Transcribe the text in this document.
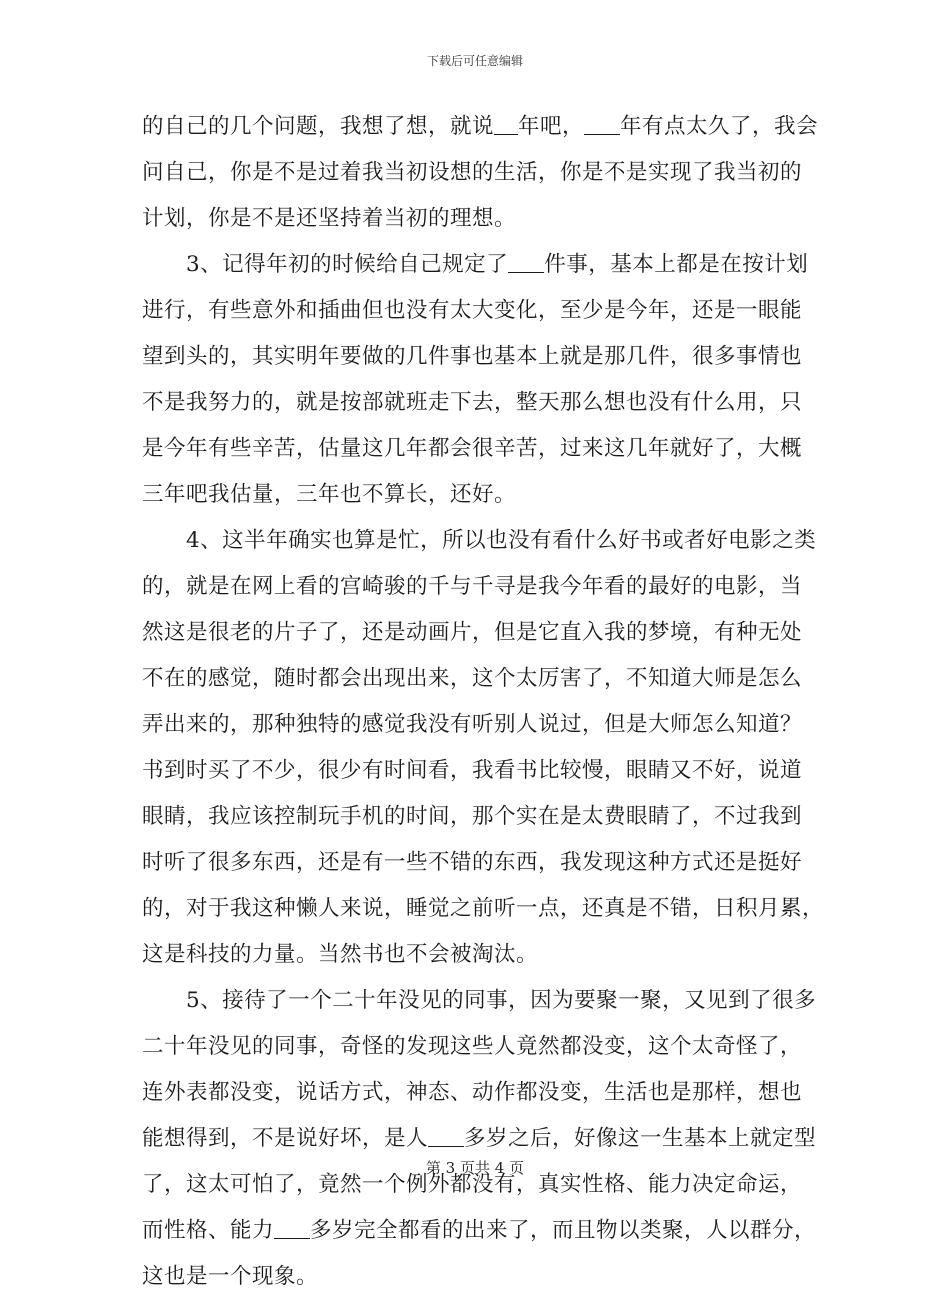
下载后可任意编辑
的自己的几个问题，我想了想，就说 年吧， 年有点太久了，我会
问自己，你是不是过着我当初设想的生活，你是不是实现了我当初的
计划，你是不是还坚持着当初的理想。
3、记得年初的时候给自己规定了 件事，基本上都是在按计划
进行，有些意外和插曲但也没有太大变化，至少是今年，还是一眼能
望到头的，其实明年要做的几件事也基本上就是那几件，很多事情也
不是我努力的，就是按部就班走下去，整天那么想也没有什么用，只
是今年有些辛苦，估量这几年都会很辛苦，过来这几年就好了，大概
三年吧我估量，三年也不算长，还好。
4、这半年确实也算是忙，所以也没有看什么好书或者好电影之类
的，就是在网上看的宫崎骏的千与千寻是我今年看的最好的电影，当
然这是很老的片子了，还是动画片，但是它直入我的梦境，有种无处
不在的感觉，随时都会出现出来，这个太厉害了，不知道大师是怎么
弄出来的，那种独特的感觉我没有听别人说过，但是大师怎么知道？
书到时买了不少，很少有时间看，我看书比较慢，眼睛又不好，说道
眼睛，我应该控制玩手机的时间，那个实在是太费眼睛了，不过我到
时听了很多东西，还是有一些不错的东西，我发现这种方式还是挺好
的，对于我这种懒人来说，睡觉之前听一点，还真是不错，日积月累，
这是科技的力量。当然书也不会被淘汰。
5、接待了一个二十年没见的同事，因为要聚一聚，又见到了很多
二十年没见的同事，奇怪的发现这些人竟然都没变，这个太奇怪了，
连外表都没变，说话方式，神态、动作都没变，生活也是那样，想也
能想得到，不是说好坏，是人 多岁之后，好像这一生基本上就定型
了，这太可怕了，竟然一个例外都没有，真实性格、能力决定命运，
而性格、能力 多岁完全都看的出来了，而且物以类聚，人以群分，
这也是一个现象。
第 3 页共 4 页
